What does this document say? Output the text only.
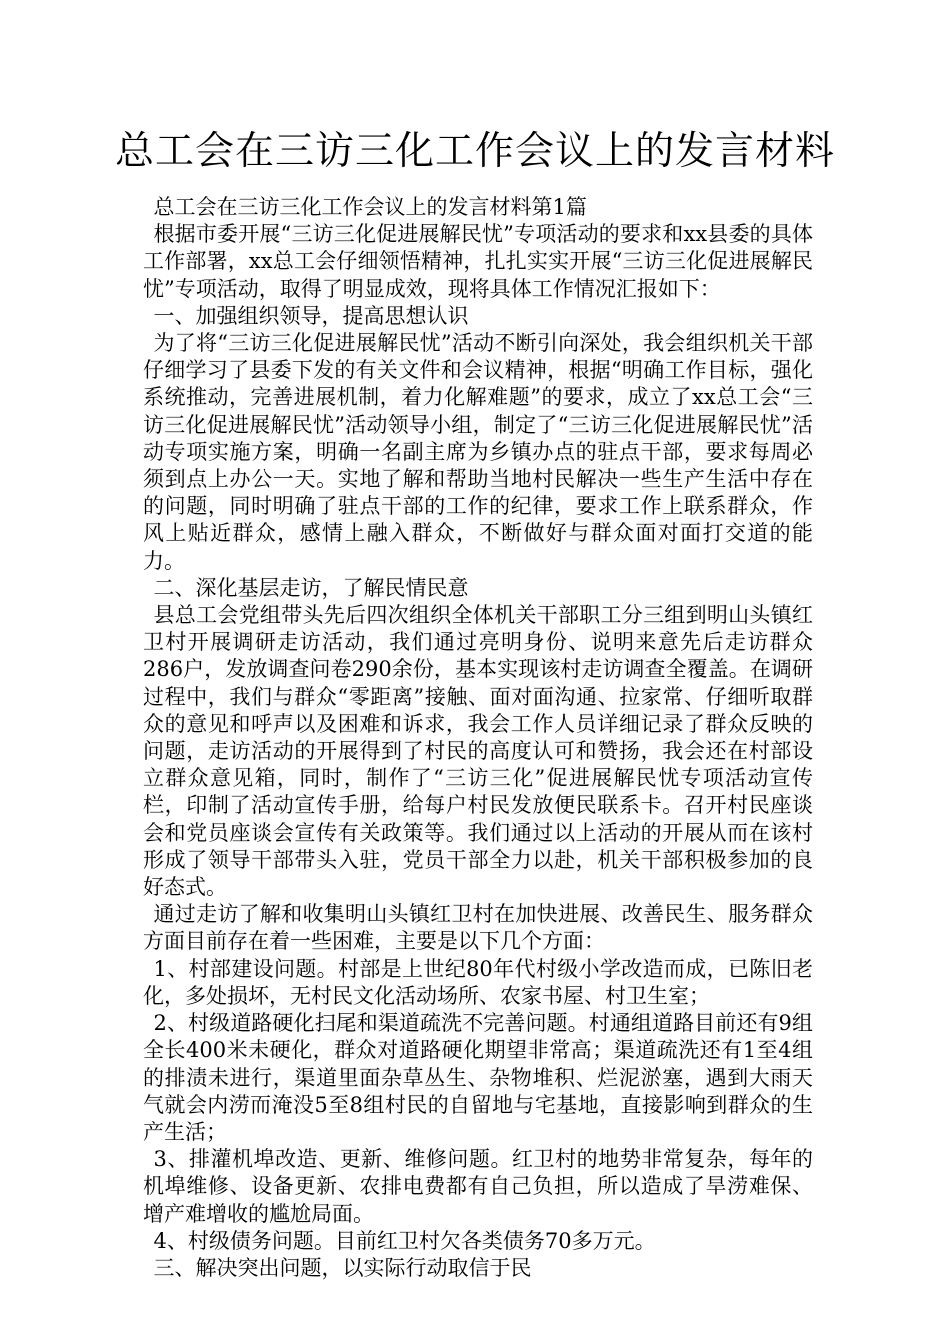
总工会在三访三化工作会议上的发言材料

总工会在三访三化工作会议上的发言材料第1篇

根据市委开展“三访三化促进展解民忧”专项活动的要求和xx县委的具体工作部署，xx总工会仔细领悟精神，扎扎实实开展“三访三化促进展解民忧”专项活动，取得了明显成效，现将具体工作情况汇报如下：

一、加强组织领导，提高思想认识

为了将“三访三化促进展解民忧”活动不断引向深处，我会组织机关干部仔细学习了县委下发的有关文件和会议精神，根据“明确工作目标，强化系统推动，完善进展机制，着力化解难题”的要求，成立了xx总工会“三访三化促进展解民忧”活动领导小组，制定了“三访三化促进展解民忧”活动专项实施方案，明确一名副主席为乡镇办点的驻点干部，要求每周必须到点上办公一天。实地了解和帮助当地村民解决一些生产生活中存在的问题，同时明确了驻点干部的工作的纪律，要求工作上联系群众，作风上贴近群众，感情上融入群众，不断做好与群众面对面打交道的能力。

二、深化基层走访，了解民情民意

县总工会党组带头先后四次组织全体机关干部职工分三组到明山头镇红卫村开展调研走访活动，我们通过亮明身份、说明来意先后走访群众286户，发放调查问卷290余份，基本实现该村走访调查全覆盖。在调研过程中，我们与群众“零距离”接触、面对面沟通、拉家常、仔细听取群众的意见和呼声以及困难和诉求，我会工作人员详细记录了群众反映的问题，走访活动的开展得到了村民的高度认可和赞扬，我会还在村部设立群众意见箱，同时，制作了“三访三化”促进展解民忧专项活动宣传栏，印制了活动宣传手册，给每户村民发放便民联系卡。召开村民座谈会和党员座谈会宣传有关政策等。我们通过以上活动的开展从而在该村形成了领导干部带头入驻，党员干部全力以赴，机关干部积极参加的良好态式。

通过走访了解和收集明山头镇红卫村在加快进展、改善民生、服务群众方面目前存在着一些困难，主要是以下几个方面：

1、村部建设问题。村部是上世纪80年代村级小学改造而成，已陈旧老化，多处损坏，无村民文化活动场所、农家书屋、村卫生室；

2、村级道路硬化扫尾和渠道疏洗不完善问题。村通组道路目前还有9组全长400米未硬化，群众对道路硬化期望非常高；渠道疏洗还有1至4组的排渍未进行，渠道里面杂草丛生、杂物堆积、烂泥淤塞，遇到大雨天气就会内涝而淹没5至8组村民的自留地与宅基地，直接影响到群众的生产生活；

3、排灌机埠改造、更新、维修问题。红卫村的地势非常复杂，每年的机埠维修、设备更新、农排电费都有自己负担，所以造成了旱涝难保、增产难增收的尴尬局面。

4、村级债务问题。目前红卫村欠各类债务70多万元。

三、解决突出问题，以实际行动取信于民
